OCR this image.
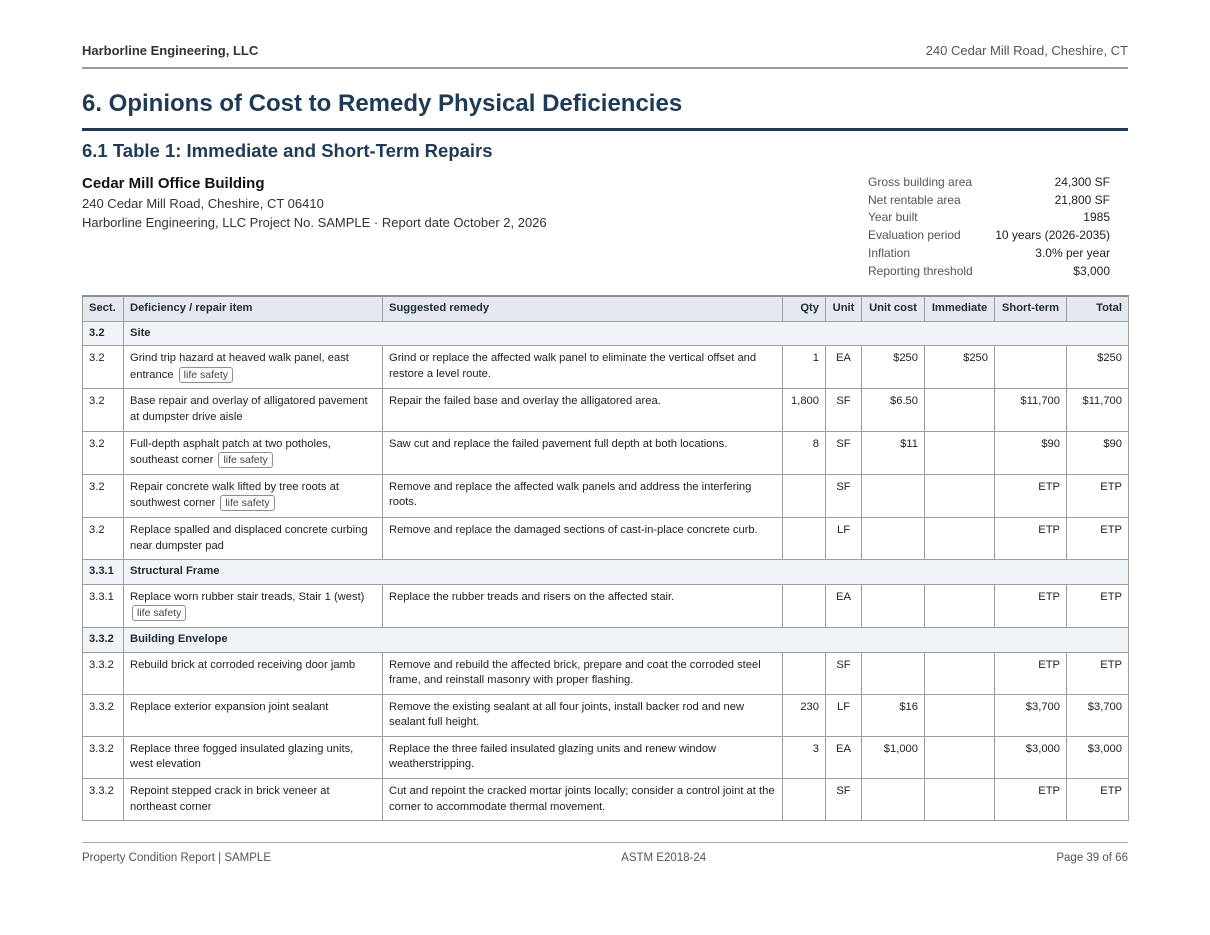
Harborline Engineering, LLC	240 Cedar Mill Road, Cheshire, CT
6. Opinions of Cost to Remedy Physical Deficiencies
6.1 Table 1: Immediate and Short-Term Repairs
Cedar Mill Office Building
240 Cedar Mill Road, Cheshire, CT 06410
Harborline Engineering, LLC Project No. SAMPLE · Report date October 2, 2026
Gross building area	24,300 SF
Net rentable area	21,800 SF
Year built	1985
Evaluation period	10 years (2026-2035)
Inflation	3.0% per year
Reporting threshold	$3,000
Sect.	Deficiency / repair item	Suggested remedy	Qty	Unit	Unit cost	Immediate	Short-term	Total
3.2	Site							
3.2	Grind trip hazard at heaved walk panel, east entrance life safety	Grind or replace the affected walk panel to eliminate the vertical offset and restore a level route.	1	EA	$250	$250		$250
3.2	Base repair and overlay of alligatored pavement at dumpster drive aisle	Repair the failed base and overlay the alligatored area.	1,800	SF	$6.50		$11,700	$11,700
3.2	Full-depth asphalt patch at two potholes, southeast corner life safety	Saw cut and replace the failed pavement full depth at both locations.	8	SF	$11		$90	$90
3.2	Repair concrete walk lifted by tree roots at southwest corner life safety	Remove and replace the affected walk panels and address the interfering roots.		SF			ETP	ETP
3.2	Replace spalled and displaced concrete curbing near dumpster pad	Remove and replace the damaged sections of cast-in-place concrete curb.		LF			ETP	ETP
3.3.1	Structural Frame							
3.3.1	Replace worn rubber stair treads, Stair 1 (west) life safety	Replace the rubber treads and risers on the affected stair.		EA			ETP	ETP
3.3.2	Building Envelope							
3.3.2	Rebuild brick at corroded receiving door jamb	Remove and rebuild the affected brick, prepare and coat the corroded steel frame, and reinstall masonry with proper flashing.		SF			ETP	ETP
3.3.2	Replace exterior expansion joint sealant	Remove the existing sealant at all four joints, install backer rod and new sealant full height.	230	LF	$16		$3,700	$3,700
3.3.2	Replace three fogged insulated glazing units, west elevation	Replace the three failed insulated glazing units and renew window weatherstripping.	3	EA	$1,000		$3,000	$3,000
3.3.2	Repoint stepped crack in brick veneer at northeast corner	Cut and repoint the cracked mortar joints locally; consider a control joint at the corner to accommodate thermal movement.		SF			ETP	ETP
Property Condition Report | SAMPLE	ASTM E2018-24	Page 39 of 66
